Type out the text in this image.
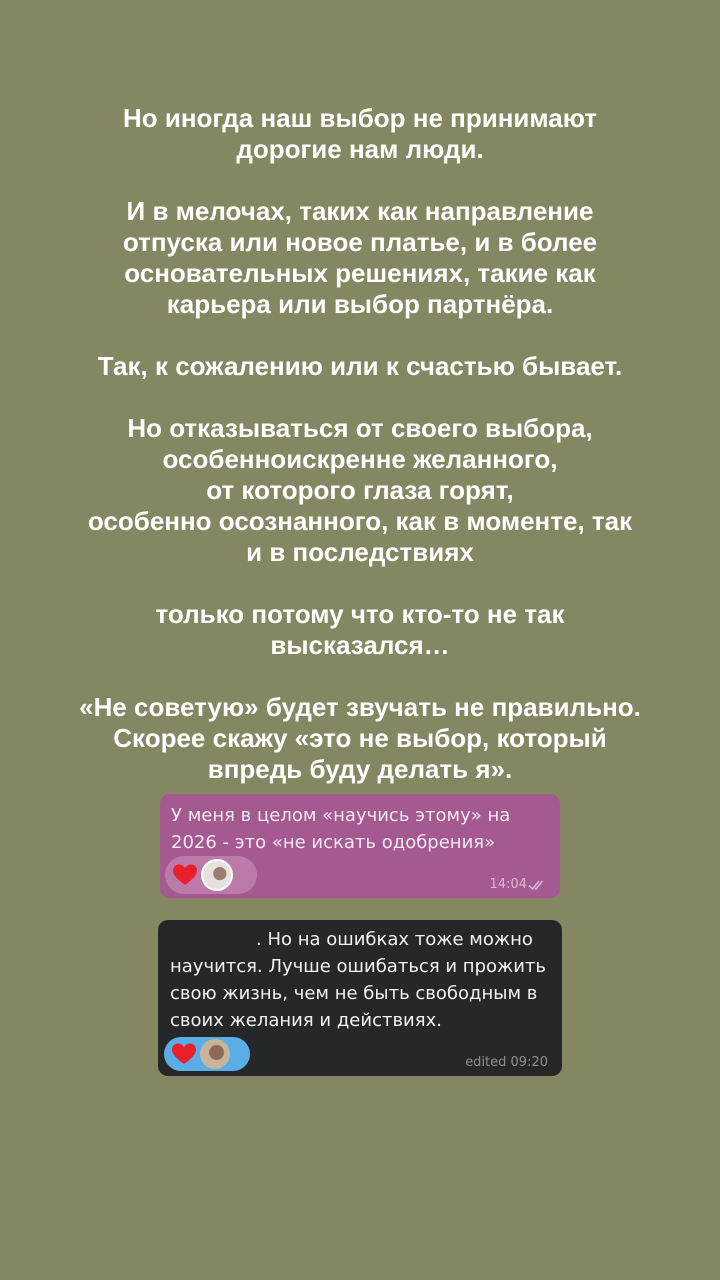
Но иногда наш выбор не принимают
дорогие нам люди.
И в мелочах, таких как направление
отпуска или новое платье, и в более
основательных решениях, такие как
карьера или выбор партнёра.
Так, к сожалению или к счастью бывает.
Но отказываться от своего выбора,
особенноискренне желанного,
от которого глаза горят,
особенно осознанного, как в моменте, так
и в последствиях
только потому что кто-то не так
высказался…
«Не советую» будет звучать не правильно.
Скорее скажу «это не выбор, который
впредь буду делать я».
У меня в целом «научись этому» на
2026 - это «не искать одобрения»
14:04
. Но на ошибках тоже можно
научится. Лучше ошибаться и прожить
свою жизнь, чем не быть свободным в
своих желания и действиях.
edited 09:20
